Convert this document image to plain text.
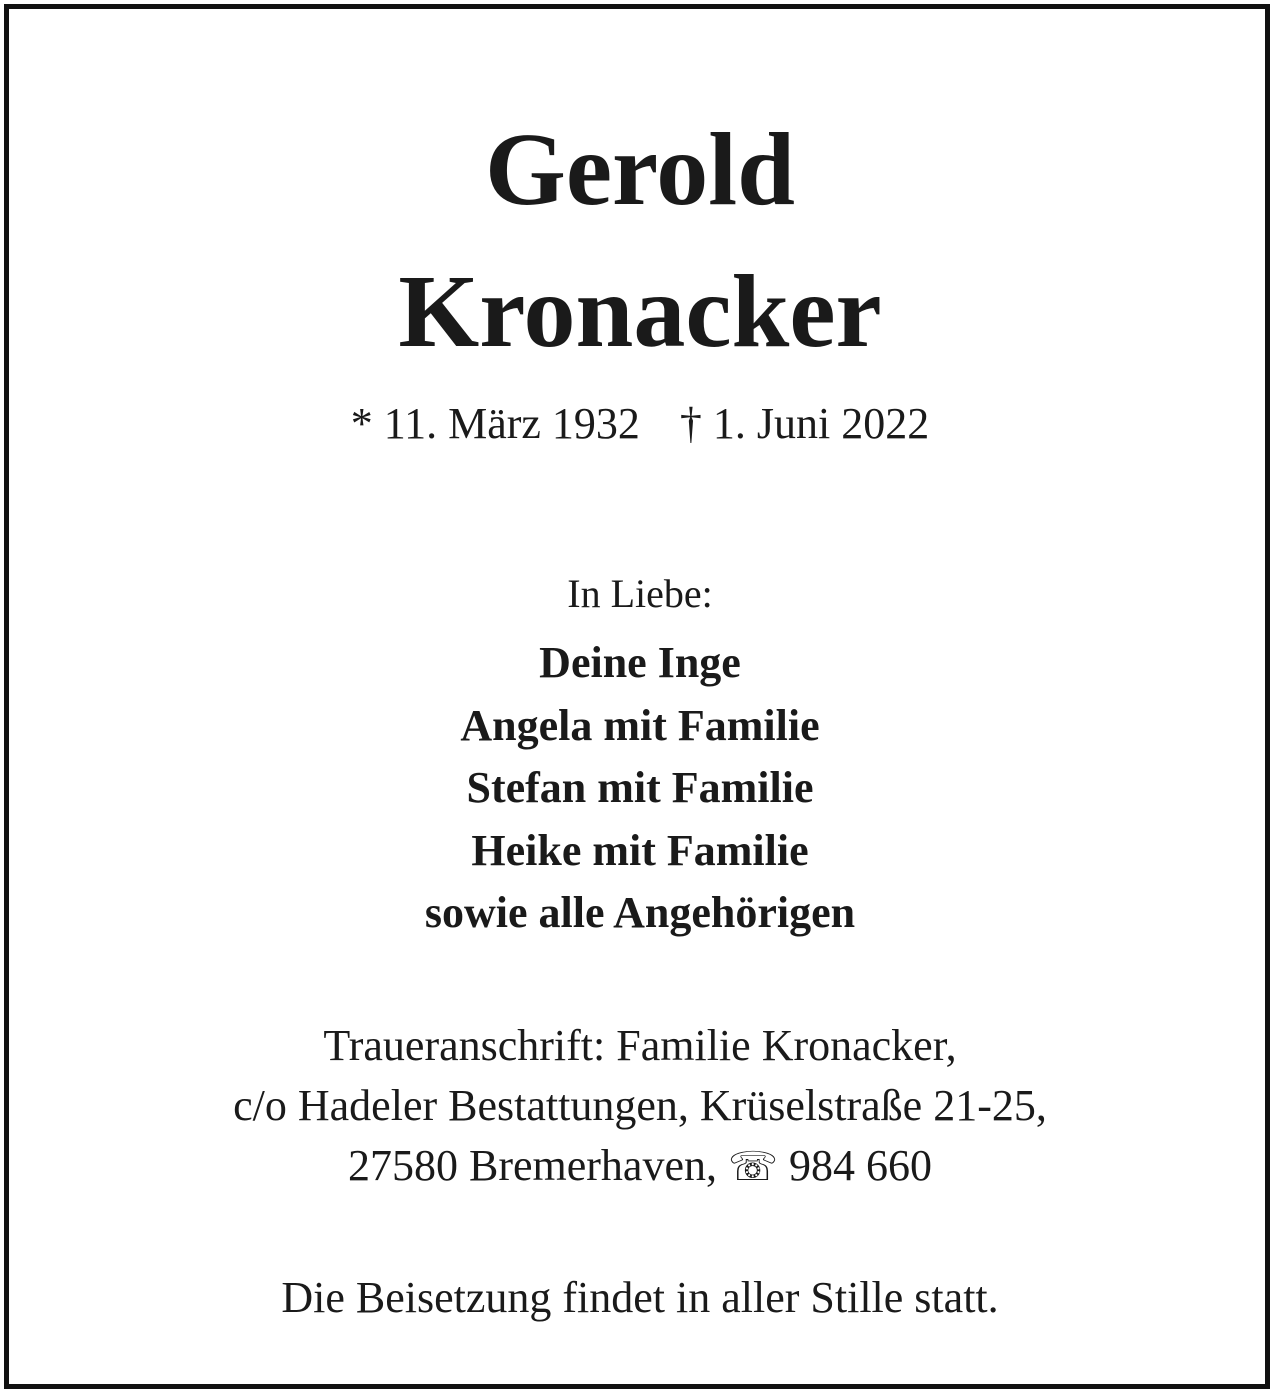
Gerold
Kronacker

* 11. März 1932 † 1. Juni 2022

In Liebe:

Deine Inge
Angela mit Familie
Stefan mit Familie
Heike mit Familie
sowie alle Angehörigen
Traueranschrift: Familie Kronacker,
c/o Hadeler Bestattungen, Krüselstraße 21-25,
27580 Bremerhaven, ☏ 984 660

Die Beisetzung findet in aller Stille statt.
